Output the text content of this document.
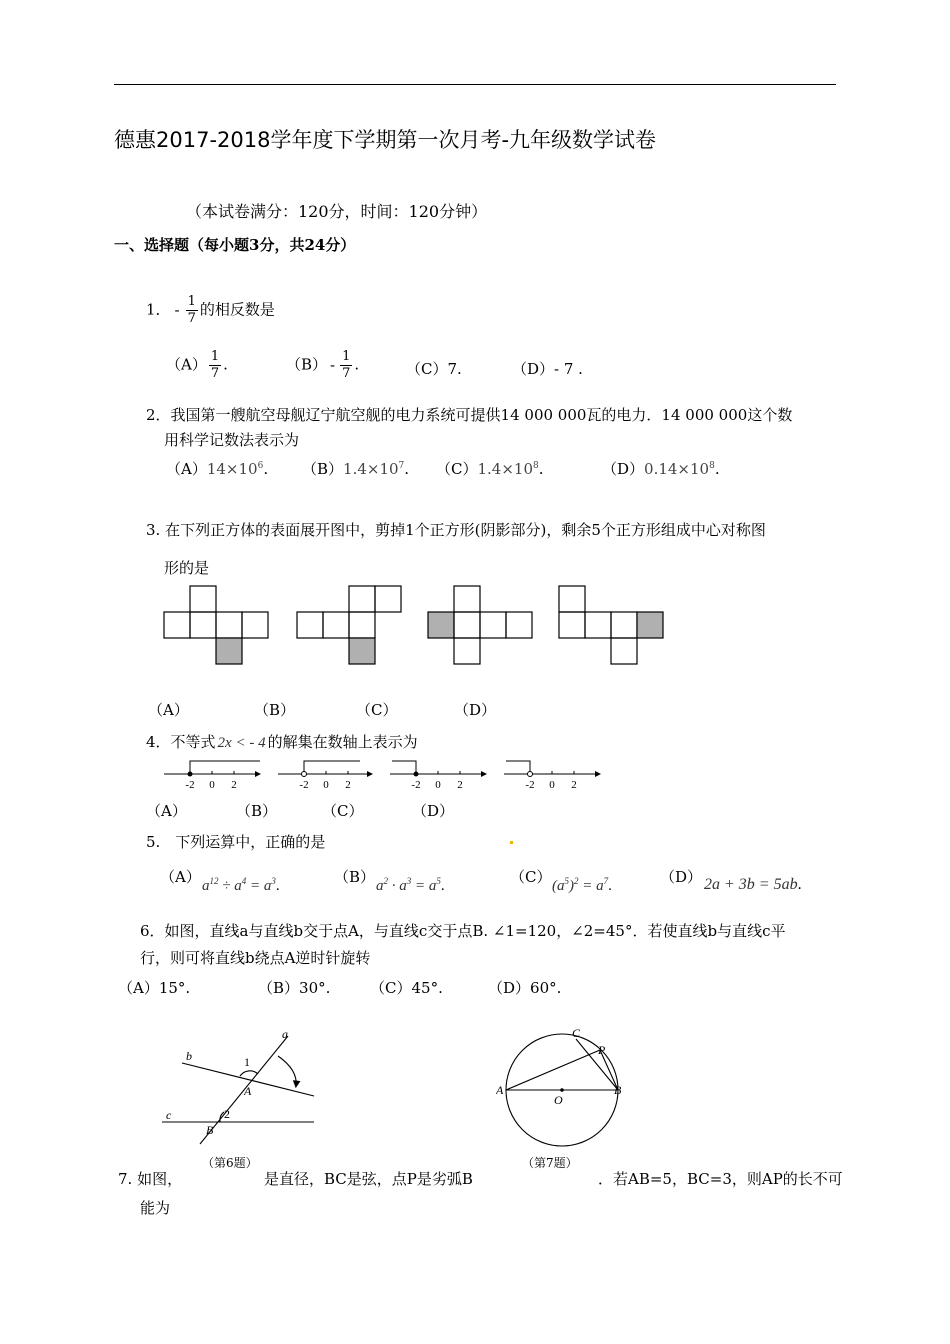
德惠2017-2018学年度下学期第一次月考-九年级数学试卷
（本试卷满分：120分，时间：120分钟）
一、选择题（每小题3分，共24分）
1． - $\frac{1}{7}$ 的相反数是
$(A) \frac{1}{7}$ .	$(B) - \frac{1}{7}$ .	（C）7.	（D）- 7 .
2．我国第一艘航空母舰辽宁航空舰的电力系统可提供14 000 000瓦的电力．14 000 000这个数
用科学记数法表示为
$(A)14\times 10^6$. $(B)1.4\times 10^7$. $(C)1.4\times 10^8$.	$(D)0.14\times 10^8$.
3. 在下列正方体的表面展开图中，剪掉1个正方形(阴影部分)，剩余5个正方形组成中心对称图
形的是
（A）	（B）	（C）	（D）
4．不等式 2x < - 4 的解集在数轴上表示为
-2 0 2	-2 0 2	-2 0 2	-2 0 2
（A）	（B）	（C）	（D）
5.　下列运算中，正确的是
（A） $a^{12} \div a^4 = a^3$.	（B） $a^2 \cdot a^3 = a^5$.	（C） $(a^5)^2 = a^7$.	（D） 2a + 3b = 5ab.
6．如图，直线a与直线b交于点A，与直线c交于点B. ∠1=120，∠2=45°．若使直线b与直线c平
行，则可将直线b绕点A逆时针旋转
（A）15°.	（B）30°.	（C）45°.	（D）60°.
a
b
c
1
2
A
B
（第6题）
A	B
C
P
O
（第7题）
7. 如图，	是直径，BC是弦，点P是劣弧B	．若AB=5，BC=3，则AP的长不可
能为
